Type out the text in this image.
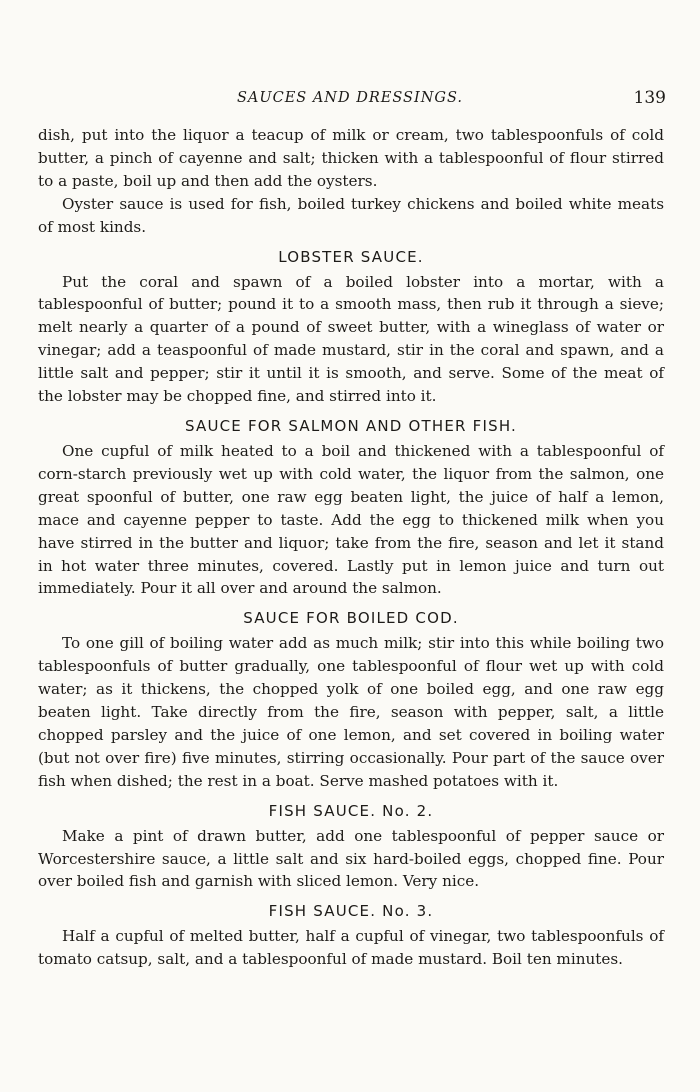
SAUCES AND DRESSINGS.	139

dish, put into the liquor a teacup of milk or cream, two tablespoonfuls of cold butter, a pinch of cayenne and salt; thicken with a tablespoonful of flour stirred to a paste, boil up and then add the oysters.

Oyster sauce is used for fish, boiled turkey chickens and boiled white meats of most kinds.

LOBSTER SAUCE.

Put the coral and spawn of a boiled lobster into a mortar, with a tablespoonful of butter; pound it to a smooth mass, then rub it through a sieve; melt nearly a quarter of a pound of sweet butter, with a wineglass of water or vinegar; add a teaspoonful of made mustard, stir in the coral and spawn, and a little salt and pepper; stir it until it is smooth, and serve. Some of the meat of the lobster may be chopped fine, and stirred into it.

SAUCE FOR SALMON AND OTHER FISH.

One cupful of milk heated to a boil and thickened with a tablespoonful of corn-starch previously wet up with cold water, the liquor from the salmon, one great spoonful of butter, one raw egg beaten light, the juice of half a lemon, mace and cayenne pepper to taste. Add the egg to thickened milk when you have stirred in the butter and liquor; take from the fire, season and let it stand in hot water three minutes, covered. Lastly put in lemon juice and turn out immediately. Pour it all over and around the salmon.

SAUCE FOR BOILED COD.

To one gill of boiling water add as much milk; stir into this while boiling two tablespoonfuls of butter gradually, one tablespoonful of flour wet up with cold water; as it thickens, the chopped yolk of one boiled egg, and one raw egg beaten light. Take directly from the fire, season with pepper, salt, a little chopped parsley and the juice of one lemon, and set covered in boiling water (but not over fire) five minutes, stirring occasionally. Pour part of the sauce over fish when dished; the rest in a boat. Serve mashed potatoes with it.

FISH SAUCE. No. 2.

Make a pint of drawn butter, add one tablespoonful of pepper sauce or Worcestershire sauce, a little salt and six hard-boiled eggs, chopped fine. Pour over boiled fish and garnish with sliced lemon. Very nice.

FISH SAUCE. No. 3.

Half a cupful of melted butter, half a cupful of vinegar, two tablespoonfuls of tomato catsup, salt, and a tablespoonful of made mustard. Boil ten minutes.
